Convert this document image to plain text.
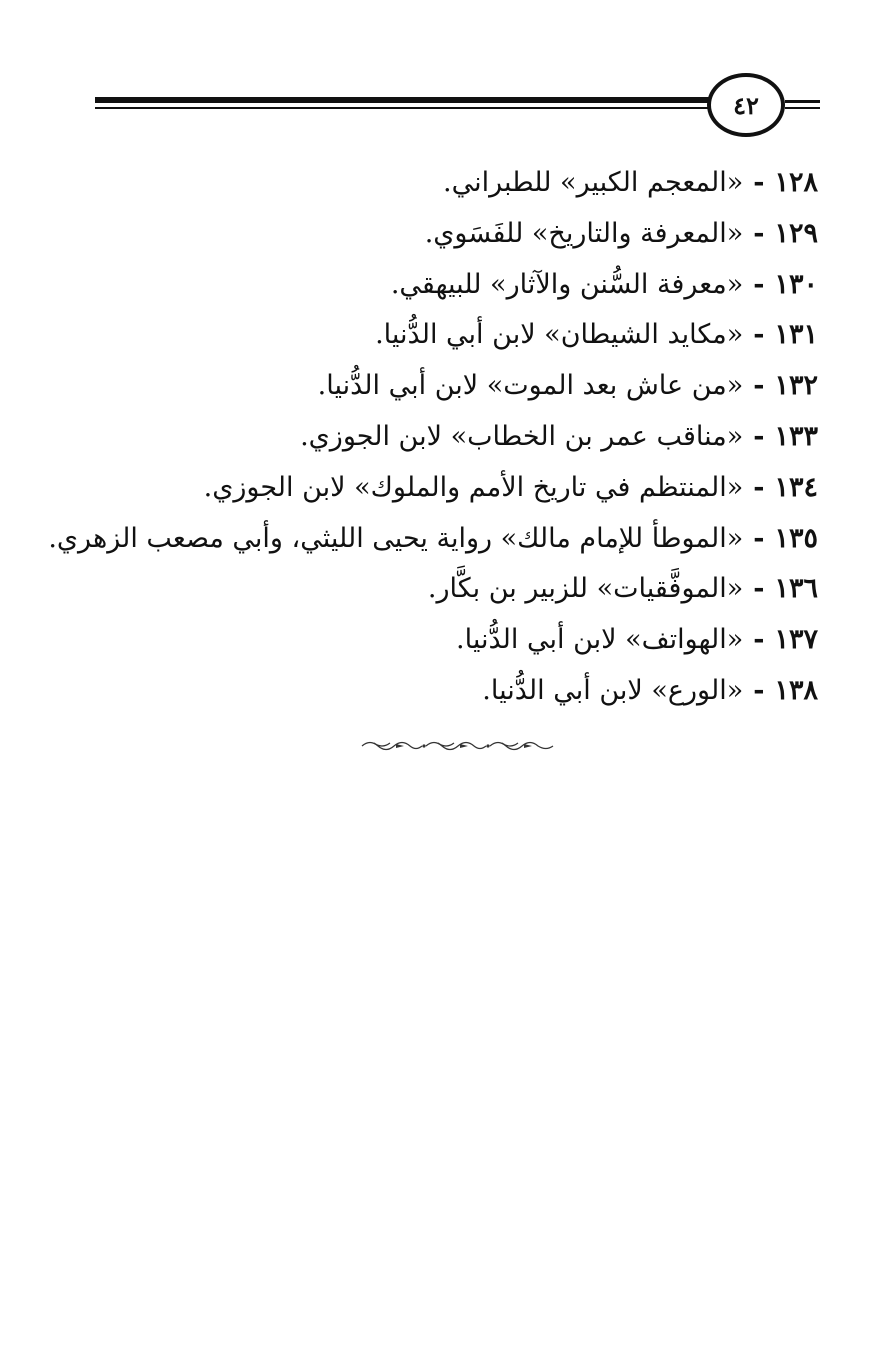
٤٢
١٢٨-«المعجم الكبير» للطبراني.
١٢٩-«المعرفة والتاريخ» للفَسَوي.
١٣٠-«معرفة السُّنن والآثار» للبيهقي.
١٣١-«مكايد الشيطان» لابن أبي الدُّنيا.
١٣٢-«من عاش بعد الموت» لابن أبي الدُّنيا.
١٣٣-«مناقب عمر بن الخطاب» لابن الجوزي.
١٣٤-«المنتظم في تاريخ الأمم والملوك» لابن الجوزي.
١٣٥-«الموطأ للإمام مالك» رواية يحيى الليثي، وأبي مصعب الزهري.
١٣٦-«الموفَّقيات» للزبير بن بكَّار.
١٣٧-«الهواتف» لابن أبي الدُّنيا.
١٣٨-«الورع» لابن أبي الدُّنيا.
